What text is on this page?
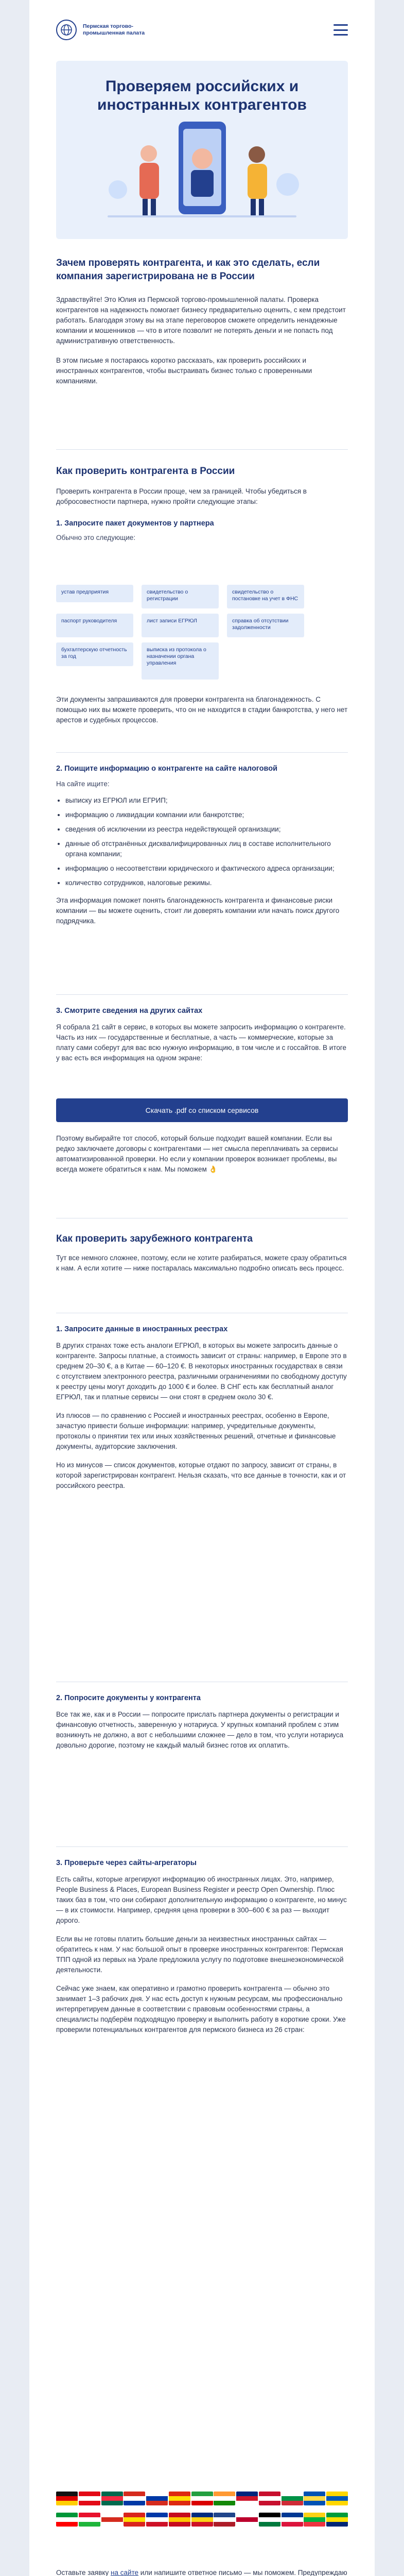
Пермская торгово-промышленная палата
Проверяем российских и иностранных контрагентов

Зачем проверять контрагента, и как это сделать, если компания зарегистрирована не в России

Здравствуйте! Это Юлия из Пермской торгово-промышленной палаты. Проверка контрагентов на надежность помогает бизнесу предварительно оценить, с кем предстоит работать. Благодаря этому вы на этапе переговоров сможете определить ненадежные компании и мошенников — что в итоге позволит не потерять деньги и не попасть под административную ответственность.

В этом письме я постараюсь коротко рассказать, как проверить российских и иностранных контрагентов, чтобы выстраивать бизнес только с проверенными компаниями.

Как проверить контрагента в России

Проверить контрагента в России проще, чем за границей. Чтобы убедиться в добросовестности партнера, нужно пройти следующие этапы:

1. Запросите пакет документов у партнера

Обычно это следующие:

устав предприятия	свидетельство о регистрации
свидетельство о постановке на учет в ФНС
паспорт руководителя	лист записи ЕГРЮЛ	справка об отсутствии задолженности
бухгалтерскую отчетность за год
выписка из протокола о назначении органа управления

Эти документы запрашиваются для проверки контрагента на благонадежность. С помощью них вы можете проверить, что он не находится в стадии банкротства, у него нет арестов и судебных процессов.

2. Поищите информацию о контрагенте на сайте налоговой

На сайте ищите:

• выписку из ЕГРЮЛ или ЕГРИП;
• информацию о ликвидации компании или банкротстве;
• сведения об исключении из реестра недействующей организации;
• данные об отстранённых дисквалифицированных лиц в составе исполнительного органа компании;
• информацию о несоответствии юридического и фактического адреса организации;
• количество сотрудников, налоговые режимы.

Эта информация поможет понять благонадежность контрагента и финансовые риски компании — вы можете оценить, стоит ли доверять компании или начать поиск другого подрядчика.

3. Смотрите сведения на других сайтах

Я собрала 21 сайт в сервис, в которых вы можете запросить информацию о контрагенте. Часть из них — государственные и бесплатные, а часть — коммерческие, которые за плату сами соберут для вас всю нужную информацию, в том числе и с госсайтов. В итоге у вас есть вся информация на одном экране:

Скачать .pdf со списком сервисов

Поэтому выбирайте тот способ, который больше подходит вашей компании. Если вы редко заключаете договоры с контрагентами — нет смысла переплачивать за сервисы автоматизированной проверки. Но если у компании проверок возникает проблемы, вы всегда можете обратиться к нам. Мы поможем 👌

Как проверить зарубежного контрагента

Тут все немного сложнее, поэтому, если не хотите разбираться, можете сразу обратиться к нам. А если хотите — ниже постаралась максимально подробно описать весь процесс.

1. Запросите данные в иностранных реестрах

В других странах тоже есть аналоги ЕГРЮЛ, в которых вы можете запросить данные о контрагенте. Запросы платные, а стоимость зависит от страны: например, в Европе это в среднем 20–30 €, а в Китае — 60–120 €. В некоторых иностранных государствах в связи с отсутствием электронного реестра, различными ограничениями по свободному доступу к реестру цены могут доходить до 1000 € и более. В СНГ есть как бесплатный аналог ЕГРЮЛ, так и платные сервисы — они стоят в среднем около 30 €.

Из плюсов — по сравнению с Россией и иностранных реестрах, особенно в Европе, зачастую привести больше информации: например, учредительные документы, протоколы о принятии тех или иных хозяйственных решений, отчетные и финансовые документы, аудиторские заключения.

Но из минусов — список документов, которые отдают по запросу, зависит от страны, в которой зарегистрирован контрагент. Нельзя сказать, что все данные в точности, как и от российского реестра.

2. Попросите документы у контрагента

Все так же, как и в России — попросите прислать партнера документы о регистрации и финансовую отчетность, заверенную у нотариуса. У крупных компаний проблем с этим возникнуть не должно, а вот с небольшими сложнее — дело в том, что услуги нотариуса довольно дорогие, поэтому не каждый малый бизнес готов их оплатить.

3. Проверьте через сайты-агрегаторы

Есть сайты, которые агрегируют информацию об иностранных лицах. Это, например, People Business & Places, European Business Register и реестр Open Ownership. Плюс таких баз в том, что они собирают дополнительную информацию о контрагенте, но минус — в их стоимости. Например, средняя цена проверки в 300–600 € за раз — выходит дорого.

Если вы не готовы платить большие деньги за неизвестных иностранных сайтах — обратитесь к нам. У нас большой опыт в проверке иностранных контрагентов: Пермская ТПП одной из первых на Урале предложила услугу по подготовке внешнеэкономической деятельности.

Сейчас уже знаем, как оперативно и грамотно проверить контрагента — обычно это занимает 1–3 рабочих дня. У нас есть доступ к нужным ресурсам, мы профессионально интерпретируем данные в соответствии с правовым особенностями страны, а специалисты подберём подходящую проверку и выполнить работу в короткие сроки. Уже проверили потенциальных контрагентов для пермского бизнеса из 26 стран:

Оставьте заявку на сайте или напишите ответное письмо — мы поможем. Предупреждаю
